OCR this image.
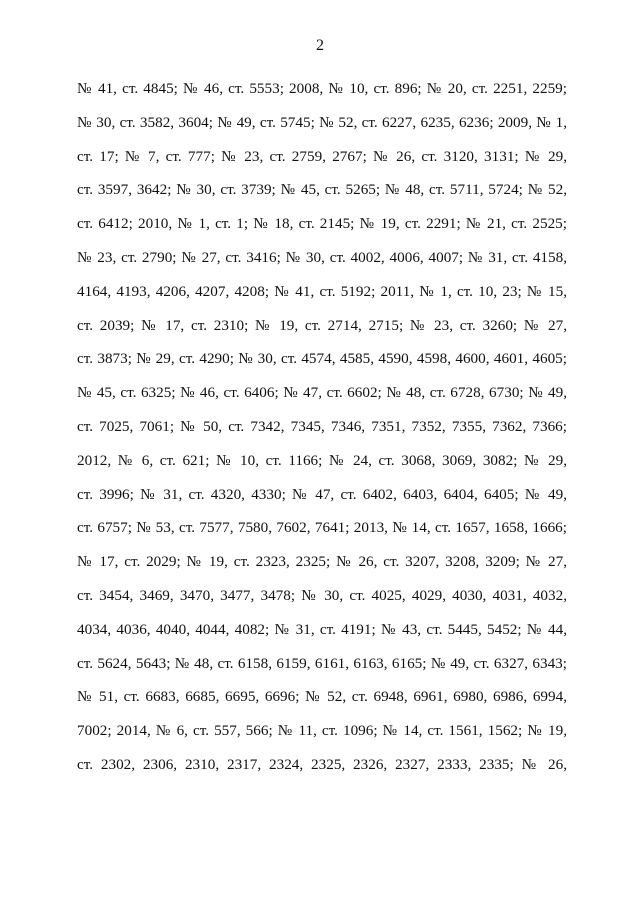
2
№ 41, ст. 4845; № 46, ст. 5553; 2008, № 10, ст. 896; № 20, ст. 2251, 2259;
№ 30, ст. 3582, 3604; № 49, ст. 5745; № 52, ст. 6227, 6235, 6236; 2009, № 1,
ст. 17; № 7, ст. 777; № 23, ст. 2759, 2767; № 26, ст. 3120, 3131; № 29,
ст. 3597, 3642; № 30, ст. 3739; № 45, ст. 5265; № 48, ст. 5711, 5724; № 52,
ст. 6412; 2010, № 1, ст. 1; № 18, ст. 2145; № 19, ст. 2291; № 21, ст. 2525;
№ 23, ст. 2790; № 27, ст. 3416; № 30, ст. 4002, 4006, 4007; № 31, ст. 4158,
4164, 4193, 4206, 4207, 4208; № 41, ст. 5192; 2011, № 1, ст. 10, 23; № 15,
ст. 2039; № 17, ст. 2310; № 19, ст. 2714, 2715; № 23, ст. 3260; № 27,
ст. 3873; № 29, ст. 4290; № 30, ст. 4574, 4585, 4590, 4598, 4600, 4601, 4605;
№ 45, ст. 6325; № 46, ст. 6406; № 47, ст. 6602; № 48, ст. 6728, 6730; № 49,
ст. 7025, 7061; № 50, ст. 7342, 7345, 7346, 7351, 7352, 7355, 7362, 7366;
2012, № 6, ст. 621; № 10, ст. 1166; № 24, ст. 3068, 3069, 3082; № 29,
ст. 3996; № 31, ст. 4320, 4330; № 47, ст. 6402, 6403, 6404, 6405; № 49,
ст. 6757; № 53, ст. 7577, 7580, 7602, 7641; 2013, № 14, ст. 1657, 1658, 1666;
№ 17, ст. 2029; № 19, ст. 2323, 2325; № 26, ст. 3207, 3208, 3209; № 27,
ст. 3454, 3469, 3470, 3477, 3478; № 30, ст. 4025, 4029, 4030, 4031, 4032,
4034, 4036, 4040, 4044, 4082; № 31, ст. 4191; № 43, ст. 5445, 5452; № 44,
ст. 5624, 5643; № 48, ст. 6158, 6159, 6161, 6163, 6165; № 49, ст. 6327, 6343;
№ 51, ст. 6683, 6685, 6695, 6696; № 52, ст. 6948, 6961, 6980, 6986, 6994,
7002; 2014, № 6, ст. 557, 566; № 11, ст. 1096; № 14, ст. 1561, 1562; № 19,
ст. 2302, 2306, 2310, 2317, 2324, 2325, 2326, 2327, 2333, 2335; № 26,
